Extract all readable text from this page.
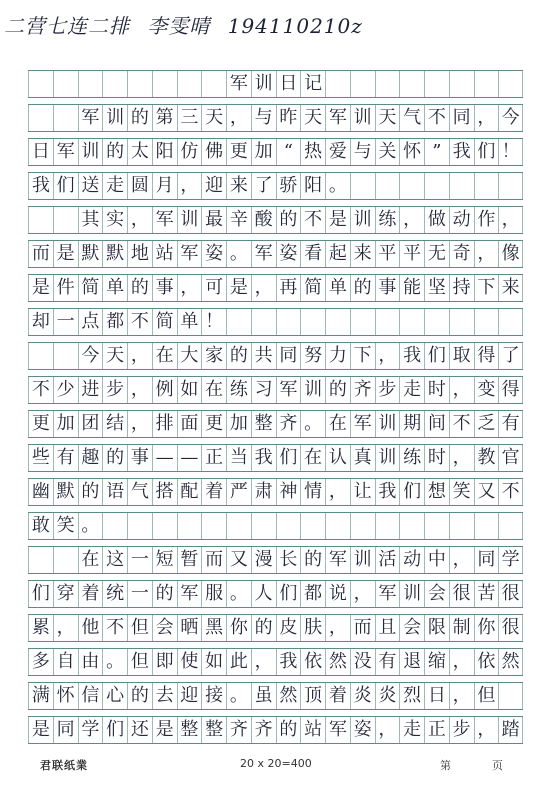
二营七连二排 李雯晴 194110210z
军 训 日 记
军 训 的 第 三 天 ， 与 昨 天 军 训 天 气 不 同 ， 今
日 军 训 的 太 阳 仿 佛 更 加 “ 热 爱 与 关 怀 ” 我 们 ！
我 们 送 走 圆 月 ， 迎 来 了 骄 阳 。
其 实 ， 军 训 最 辛 酸 的 不 是 训 练 ， 做 动 作 ，
而 是 默 默 地 站 军 姿 。 军 姿 看 起 来 平 平 无 奇 ， 像
是 件 简 单 的 事 ， 可 是 ， 再 简 单 的 事 能 坚 持 下 来
却 一 点 都 不 简 单 ！
今 天 ， 在 大 家 的 共 同 努 力 下 ， 我 们 取 得 了
不 少 进 步 ， 例 如 在 练 习 军 训 的 齐 步 走 时 ， 变 得
更 加 团 结 ， 排 面 更 加 整 齐 。 在 军 训 期 间 不 乏 有
些 有 趣 的 事 — — 正 当 我 们 在 认 真 训 练 时 ， 教 官
幽 默 的 语 气 搭 配 着 严 肃 神 情 ， 让 我 们 想 笑 又 不
敢 笑 。
在 这 一 短 暂 而 又 漫 长 的 军 训 活 动 中 ， 同 学
们 穿 着 统 一 的 军 服 。 人 们 都 说 ， 军 训 会 很 苦 很
累 ， 他 不 但 会 晒 黑 你 的 皮 肤 ， 而 且 会 限 制 你 很
多 自 由 。 但 即 使 如 此 ， 我 依 然 没 有 退 缩 ， 依 然
满 怀 信 心 的 去 迎 接 。 虽 然 顶 着 炎 炎 烈 日 ， 但
是 同 学 们 还 是 整 整 齐 齐 的 站 军 姿 ， 走 正 步 ， 踏
君联纸業	20 x 20=400	第	页
